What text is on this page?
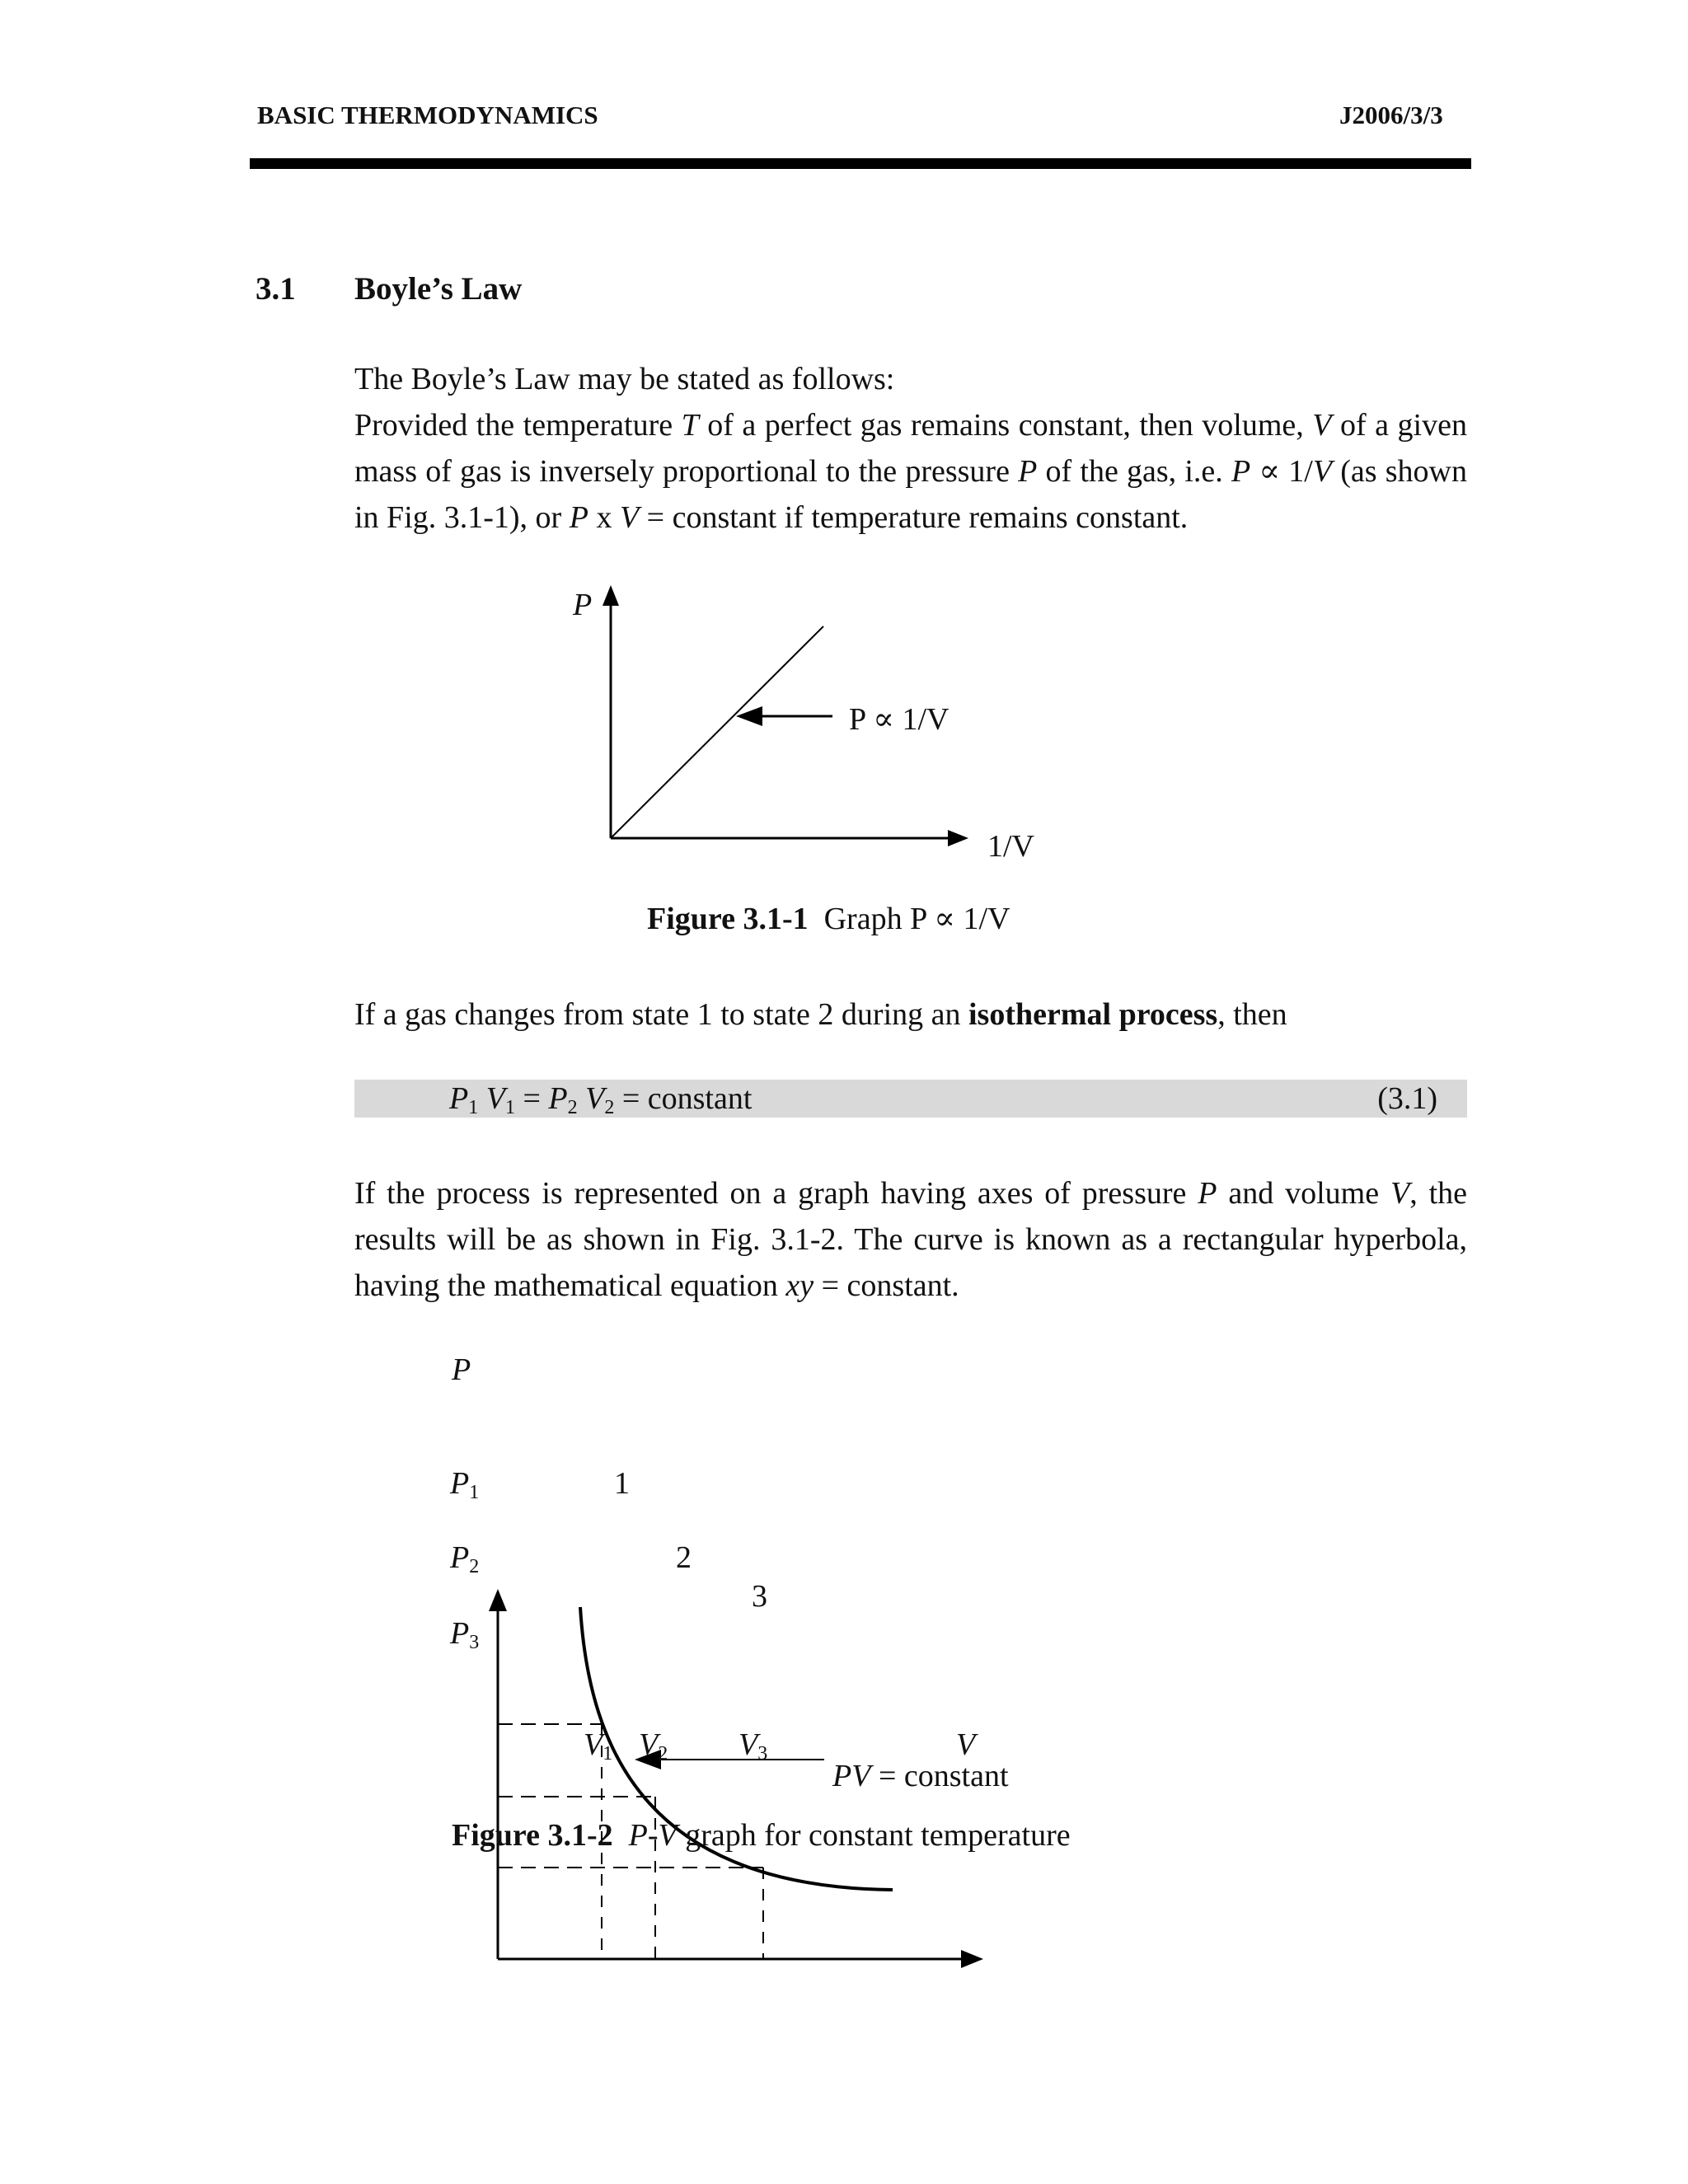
BASIC THERMODYNAMICS	J2006/3/3
3.1 Boyle’s Law
The Boyle’s Law may be stated as follows:
Provided the temperature T of a perfect gas remains constant, then volume, V of a given mass of gas is inversely proportional to the pressure P of the gas, i.e. P ∝ 1/V (as shown in Fig. 3.1-1), or P x V = constant if temperature remains constant.
P
P ∝ 1/V
1/V
Figure 3.1-1 Graph P ∝ 1/V
If a gas changes from state 1 to state 2 during an isothermal process, then
$P_1$ $V_1 = P_2$ $V_2$ = constant	(3.1)
If the process is represented on a graph having axes of pressure P and volume V, the results will be as shown in Fig. 3.1-2. The curve is known as a rectangular hyperbola, having the mathematical equation xy = constant.
P
$P_1$
$P_2$
$P_3$
1
2
3
$V_1$ $V_2$ $V_3$	V
PV = constant
Figure 3.1-2 P-V graph for constant temperature
